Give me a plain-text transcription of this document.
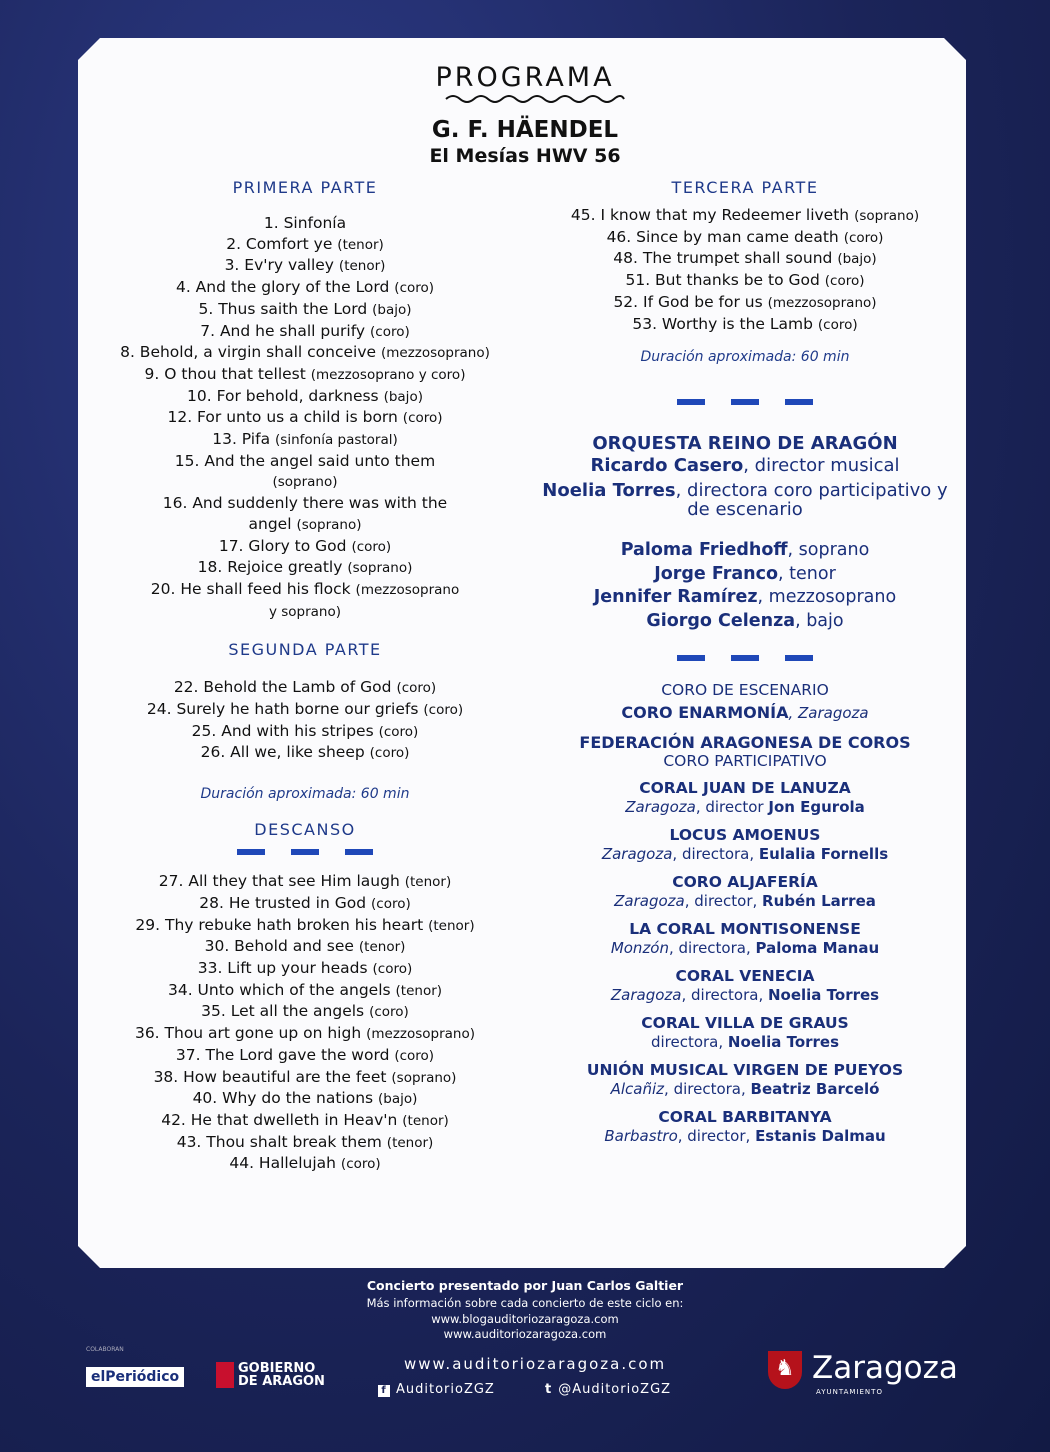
PROGRAMA
G. F. HÄENDEL
El Mesías HWV 56
PRIMERA PARTE
1. Sinfonía
2. Comfort ye (tenor)
3. Ev'ry valley (tenor)
4. And the glory of the Lord (coro)
5. Thus saith the Lord (bajo)
7. And he shall purify (coro)
8. Behold, a virgin shall conceive (mezzosoprano)
9. O thou that tellest (mezzosoprano y coro)
10. For behold, darkness (bajo)
12. For unto us a child is born (coro)
13. Pifa (sinfonía pastoral)
15. And the angel said unto them (soprano)
16. And suddenly there was with the angel (soprano)
17. Glory to God (coro)
18. Rejoice greatly (soprano)
20. He shall feed his flock (mezzosoprano y soprano)
SEGUNDA PARTE
22. Behold the Lamb of God (coro)
24. Surely he hath borne our griefs (coro)
25. And with his stripes (coro)
26. All we, like sheep (coro)
Duración aproximada: 60 min
DESCANSO
27. All they that see Him laugh (tenor)
28. He trusted in God (coro)
29. Thy rebuke hath broken his heart (tenor)
30. Behold and see (tenor)
33. Lift up your heads (coro)
34. Unto which of the angels (tenor)
35. Let all the angels (coro)
36. Thou art gone up on high (mezzosoprano)
37. The Lord gave the word (coro)
38. How beautiful are the feet (soprano)
40. Why do the nations (bajo)
42. He that dwelleth in Heav'n (tenor)
43. Thou shalt break them (tenor)
44. Hallelujah (coro)
TERCERA PARTE
45. I know that my Redeemer liveth (soprano)
46. Since by man came death (coro)
48. The trumpet shall sound (bajo)
51. But thanks be to God (coro)
52. If God be for us (mezzosoprano)
53. Worthy is the Lamb (coro)
Duración aproximada: 60 min
ORQUESTA REINO DE ARAGÓN
Ricardo Casero, director musical
Noelia Torres, directora coro participativo y de escenario
Paloma Friedhoff, soprano
Jorge Franco, tenor
Jennifer Ramírez, mezzosoprano
Giorgo Celenza, bajo
CORO DE ESCENARIO
CORO ENARMONÍA, Zaragoza
FEDERACIÓN ARAGONESA DE COROS
CORO PARTICIPATIVO
CORAL JUAN DE LANUZA
Zaragoza, director Jon Egurola
LOCUS AMOENUS
Zaragoza, directora, Eulalia Fornells
CORO ALJAFERÍA
Zaragoza, director, Rubén Larrea
LA CORAL MONTISONENSE
Monzón, directora, Paloma Manau
CORAL VENECIA
Zaragoza, directora, Noelia Torres
CORAL VILLA DE GRAUS
directora, Noelia Torres
UNIÓN MUSICAL VIRGEN DE PUEYOS
Alcañiz, directora, Beatriz Barceló
CORAL BARBITANYA
Barbastro, director, Estanis Dalmau
Concierto presentado por Juan Carlos Galtier
Más información sobre cada concierto de este ciclo en:
www.blogauditoriozaragoza.com
www.auditoriozaragoza.com
COLABORAN
elPeriódico
GOBIERNO
DE ARAGON
www.auditoriozaragoza.com
f AuditorioZGZ	t @AuditorioZGZ
♞Zaragoza
AYUNTAMIENTO
